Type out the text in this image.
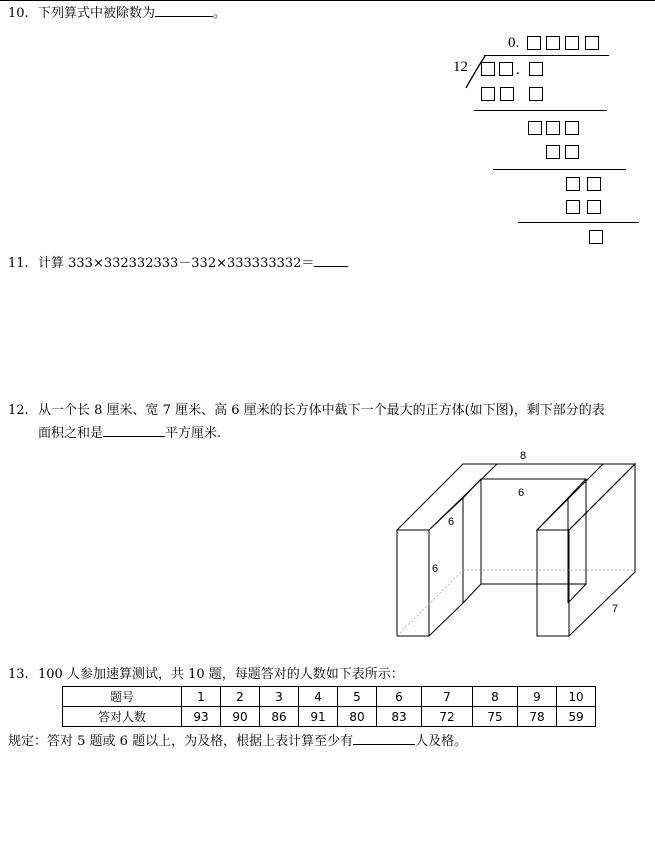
10. 下列算式中被除数为	。
0.
12	.
11. 计算 333×332332333－332×333333332＝
12. 从一个长 8 厘米、宽 7 厘米、高 6 厘米的长方体中截下一个最大的正方体(如下图)，剩下部分的表
面积之和是	平方厘米.
8
6
6
6
7
13. 100 人参加速算测试，共 10 题，每题答对的人数如下表所示：
题号	1	2	3	4	5	6	7	8	9	10
答对人数	93	90	86	91	80	83	72	75	78	59
规定：答对 5 题或 6 题以上，为及格，根据上表计算至少有	人及格。
